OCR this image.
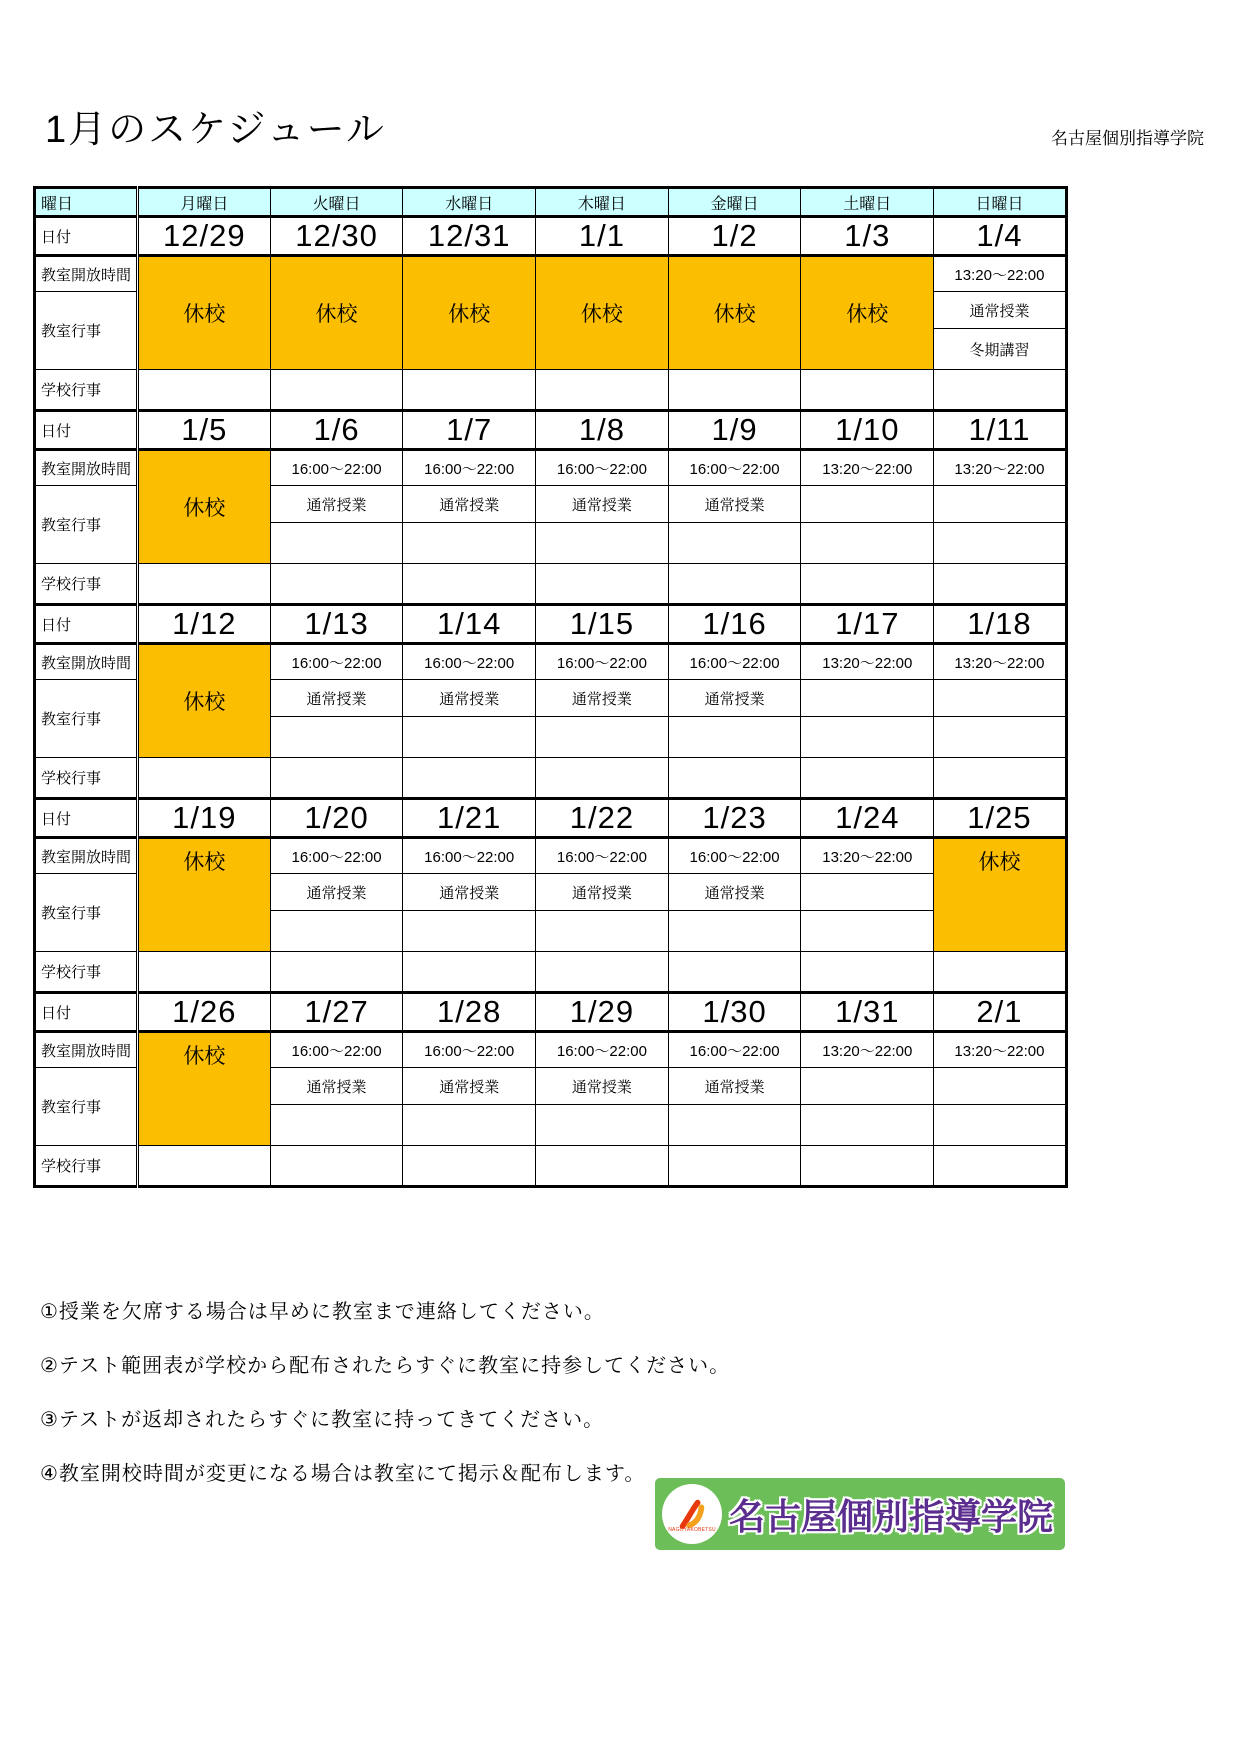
1月のスケジュール	名古屋個別指導学院
曜日	月曜日	火曜日	水曜日	木曜日	金曜日	土曜日	日曜日
日付	12/29	12/30	12/31	1/1	1/2	1/3	1/4
教室開放時間	休校	休校	休校	休校	休校	休校	13:20～22:00
教室行事							通常授業
							冬期講習
学校行事							
日付	1/5	1/6	1/7	1/8	1/9	1/10	1/11
教室開放時間	休校	16:00～22:00	16:00～22:00	16:00～22:00	16:00～22:00	13:20～22:00	13:20～22:00
教室行事		通常授業	通常授業	通常授業	通常授業		

学校行事							
日付	1/12	1/13	1/14	1/15	1/16	1/17	1/18
教室開放時間	休校	16:00～22:00	16:00～22:00	16:00～22:00	16:00～22:00	13:20～22:00	13:20～22:00
教室行事		通常授業	通常授業	通常授業	通常授業		

学校行事							
日付	1/19	1/20	1/21	1/22	1/23	1/24	1/25
教室開放時間	休校	16:00～22:00	16:00～22:00	16:00～22:00	16:00～22:00	13:20～22:00	休校
教室行事		通常授業	通常授業	通常授業	通常授業		

学校行事							
日付	1/26	1/27	1/28	1/29	1/30	1/31	2/1
教室開放時間	休校	16:00～22:00	16:00～22:00	16:00～22:00	16:00～22:00	13:20～22:00	13:20～22:00
教室行事		通常授業	通常授業	通常授業	通常授業		

学校行事							

①授業を欠席する場合は早めに教室まで連絡してください。

②テスト範囲表が学校から配布されたらすぐに教室に持参してください。

③テストが返却されたらすぐに教室に持ってきてください。

④教室開校時間が変更になる場合は教室にて掲示＆配布します。

NAGOYAKOBETSU 名古屋個別指導学院
